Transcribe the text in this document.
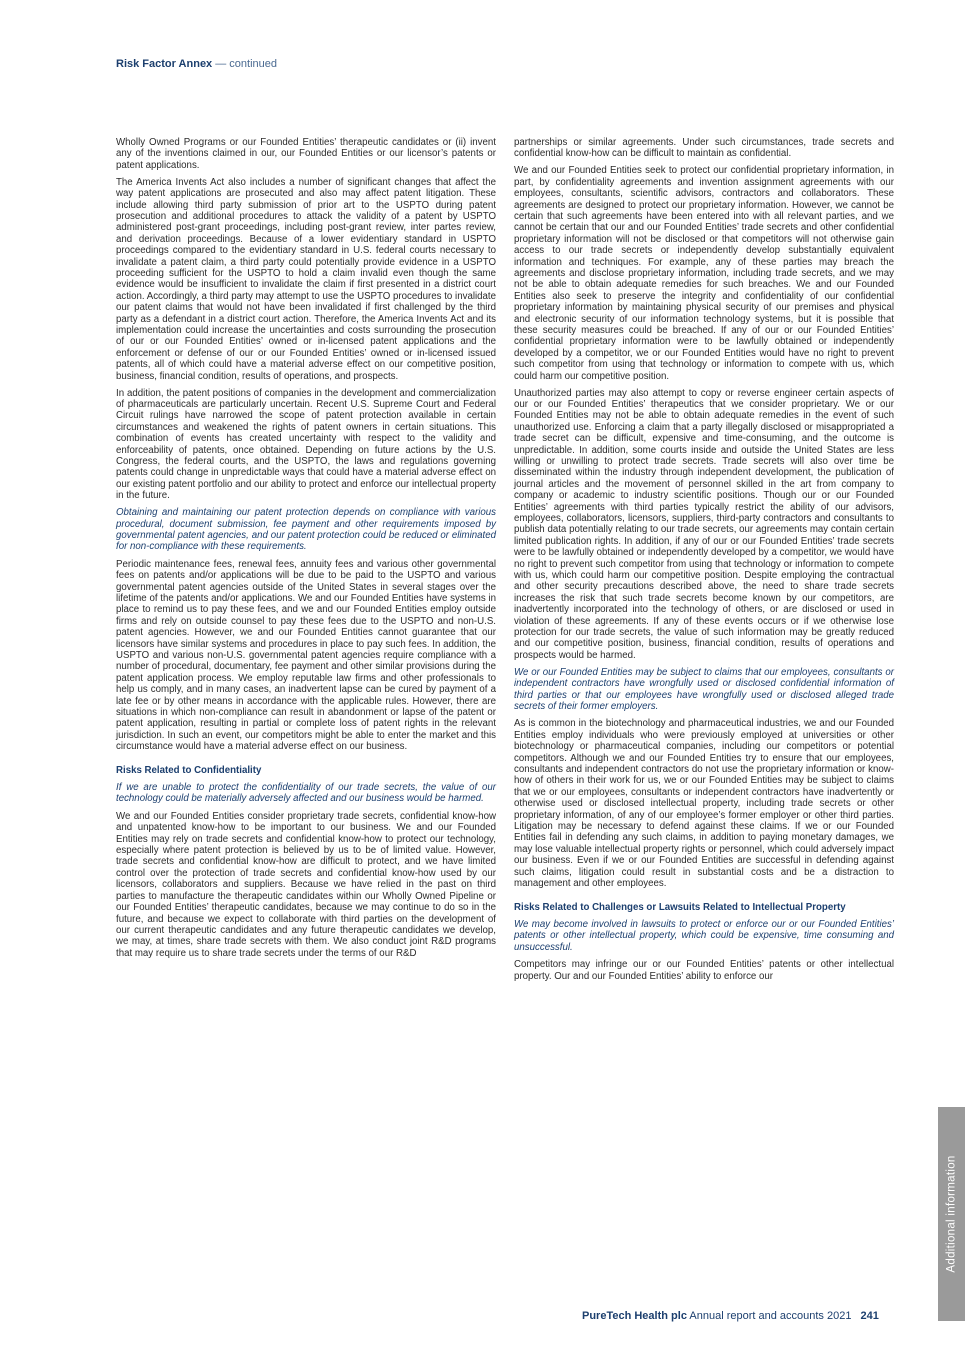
Risk Factor Annex — continued

Wholly Owned Programs or our Founded Entities’ therapeutic candidates or (ii) invent any of the inventions claimed in our, our Founded Entities or our licensor’s patents or patent applications.

The America Invents Act also includes a number of significant changes that affect the way patent applications are prosecuted and also may affect patent litigation. These include allowing third party submission of prior art to the USPTO during patent prosecution and additional procedures to attack the validity of a patent by USPTO administered post-grant proceedings, including post-grant review, inter partes review, and derivation proceedings. Because of a lower evidentiary standard in USPTO proceedings compared to the evidentiary standard in U.S. federal courts necessary to invalidate a patent claim, a third party could potentially provide evidence in a USPTO proceeding sufficient for the USPTO to hold a claim invalid even though the same evidence would be insufficient to invalidate the claim if first presented in a district court action. Accordingly, a third party may attempt to use the USPTO procedures to invalidate our patent claims that would not have been invalidated if first challenged by the third party as a defendant in a district court action. Therefore, the America Invents Act and its implementation could increase the uncertainties and costs surrounding the prosecution of our or our Founded Entities’ owned or in-licensed patent applications and the enforcement or defense of our or our Founded Entities’ owned or in-licensed issued patents, all of which could have a material adverse effect on our competitive position, business, financial condition, results of operations, and prospects.

In addition, the patent positions of companies in the development and commercialization of pharmaceuticals are particularly uncertain. Recent U.S. Supreme Court and Federal Circuit rulings have narrowed the scope of patent protection available in certain circumstances and weakened the rights of patent owners in certain situations. This combination of events has created uncertainty with respect to the validity and enforceability of patents, once obtained. Depending on future actions by the U.S. Congress, the federal courts, and the USPTO, the laws and regulations governing patents could change in unpredictable ways that could have a material adverse effect on our existing patent portfolio and our ability to protect and enforce our intellectual property in the future.

Obtaining and maintaining our patent protection depends on compliance with various procedural, document submission, fee payment and other requirements imposed by governmental patent agencies, and our patent protection could be reduced or eliminated for non-compliance with these requirements.

Periodic maintenance fees, renewal fees, annuity fees and various other governmental fees on patents and/or applications will be due to be paid to the USPTO and various governmental patent agencies outside of the United States in several stages over the lifetime of the patents and/or applications. We and our Founded Entities have systems in place to remind us to pay these fees, and we and our Founded Entities employ outside firms and rely on outside counsel to pay these fees due to the USPTO and non-U.S. patent agencies. However, we and our Founded Entities cannot guarantee that our licensors have similar systems and procedures in place to pay such fees. In addition, the USPTO and various non-U.S. governmental patent agencies require compliance with a number of procedural, documentary, fee payment and other similar provisions during the patent application process. We employ reputable law firms and other professionals to help us comply, and in many cases, an inadvertent lapse can be cured by payment of a late fee or by other means in accordance with the applicable rules. However, there are situations in which non-compliance can result in abandonment or lapse of the patent or patent application, resulting in partial or complete loss of patent rights in the relevant jurisdiction. In such an event, our competitors might be able to enter the market and this circumstance would have a material adverse effect on our business.

Risks Related to Confidentiality

If we are unable to protect the confidentiality of our trade secrets, the value of our technology could be materially adversely affected and our business would be harmed.

We and our Founded Entities consider proprietary trade secrets, confidential know-how and unpatented know-how to be important to our business. We and our Founded Entities may rely on trade secrets and confidential know-how to protect our technology, especially where patent protection is believed by us to be of limited value. However, trade secrets and confidential know-how are difficult to protect, and we have limited control over the protection of trade secrets and confidential know-how used by our licensors, collaborators and suppliers. Because we have relied in the past on third parties to manufacture the therapeutic candidates within our Wholly Owned Pipeline or our Founded Entities’ therapeutic candidates, because we may continue to do so in the future, and because we expect to collaborate with third parties on the development of our current therapeutic candidates and any future therapeutic candidates we develop, we may, at times, share trade secrets with them. We also conduct joint R&D programs that may require us to share trade secrets under the terms of our R&D

partnerships or similar agreements. Under such circumstances, trade secrets and confidential know-how can be difficult to maintain as confidential.

We and our Founded Entities seek to protect our confidential proprietary information, in part, by confidentiality agreements and invention assignment agreements with our employees, consultants, scientific advisors, contractors and collaborators. These agreements are designed to protect our proprietary information. However, we cannot be certain that such agreements have been entered into with all relevant parties, and we cannot be certain that our and our Founded Entities’ trade secrets and other confidential proprietary information will not be disclosed or that competitors will not otherwise gain access to our trade secrets or independently develop substantially equivalent information and techniques. For example, any of these parties may breach the agreements and disclose proprietary information, including trade secrets, and we may not be able to obtain adequate remedies for such breaches. We and our Founded Entities also seek to preserve the integrity and confidentiality of our confidential proprietary information by maintaining physical security of our premises and physical and electronic security of our information technology systems, but it is possible that these security measures could be breached. If any of our or our Founded Entities’ confidential proprietary information were to be lawfully obtained or independently developed by a competitor, we or our Founded Entities would have no right to prevent such competitor from using that technology or information to compete with us, which could harm our competitive position.

Unauthorized parties may also attempt to copy or reverse engineer certain aspects of our or our Founded Entities’ therapeutics that we consider proprietary. We or our Founded Entities may not be able to obtain adequate remedies in the event of such unauthorized use. Enforcing a claim that a party illegally disclosed or misappropriated a trade secret can be difficult, expensive and time-consuming, and the outcome is unpredictable. In addition, some courts inside and outside the United States are less willing or unwilling to protect trade secrets. Trade secrets will also over time be disseminated within the industry through independent development, the publication of journal articles and the movement of personnel skilled in the art from company to company or academic to industry scientific positions. Though our or our Founded Entities’ agreements with third parties typically restrict the ability of our advisors, employees, collaborators, licensors, suppliers, third-party contractors and consultants to publish data potentially relating to our trade secrets, our agreements may contain certain limited publication rights. In addition, if any of our or our Founded Entities’ trade secrets were to be lawfully obtained or independently developed by a competitor, we would have no right to prevent such competitor from using that technology or information to compete with us, which could harm our competitive position. Despite employing the contractual and other security precautions described above, the need to share trade secrets increases the risk that such trade secrets become known by our competitors, are inadvertently incorporated into the technology of others, or are disclosed or used in violation of these agreements. If any of these events occurs or if we otherwise lose protection for our trade secrets, the value of such information may be greatly reduced and our competitive position, business, financial condition, results of operations and prospects would be harmed.

We or our Founded Entities may be subject to claims that our employees, consultants or independent contractors have wrongfully used or disclosed confidential information of third parties or that our employees have wrongfully used or disclosed alleged trade secrets of their former employers.

As is common in the biotechnology and pharmaceutical industries, we and our Founded Entities employ individuals who were previously employed at universities or other biotechnology or pharmaceutical companies, including our competitors or potential competitors. Although we and our Founded Entities try to ensure that our employees, consultants and independent contractors do not use the proprietary information or know-how of others in their work for us, we or our Founded Entities may be subject to claims that we or our employees, consultants or independent contractors have inadvertently or otherwise used or disclosed intellectual property, including trade secrets or other proprietary information, of any of our employee’s former employer or other third parties. Litigation may be necessary to defend against these claims. If we or our Founded Entities fail in defending any such claims, in addition to paying monetary damages, we may lose valuable intellectual property rights or personnel, which could adversely impact our business. Even if we or our Founded Entities are successful in defending against such claims, litigation could result in substantial costs and be a distraction to management and other employees.

Risks Related to Challenges or Lawsuits Related to Intellectual Property

We may become involved in lawsuits to protect or enforce our or our Founded Entities’ patents or other intellectual property, which could be expensive, time consuming and unsuccessful.

Competitors may infringe our or our Founded Entities’ patents or other intellectual property. Our and our Founded Entities’ ability to enforce our

Additional information
PureTech Health plc Annual report and accounts 2021 241
